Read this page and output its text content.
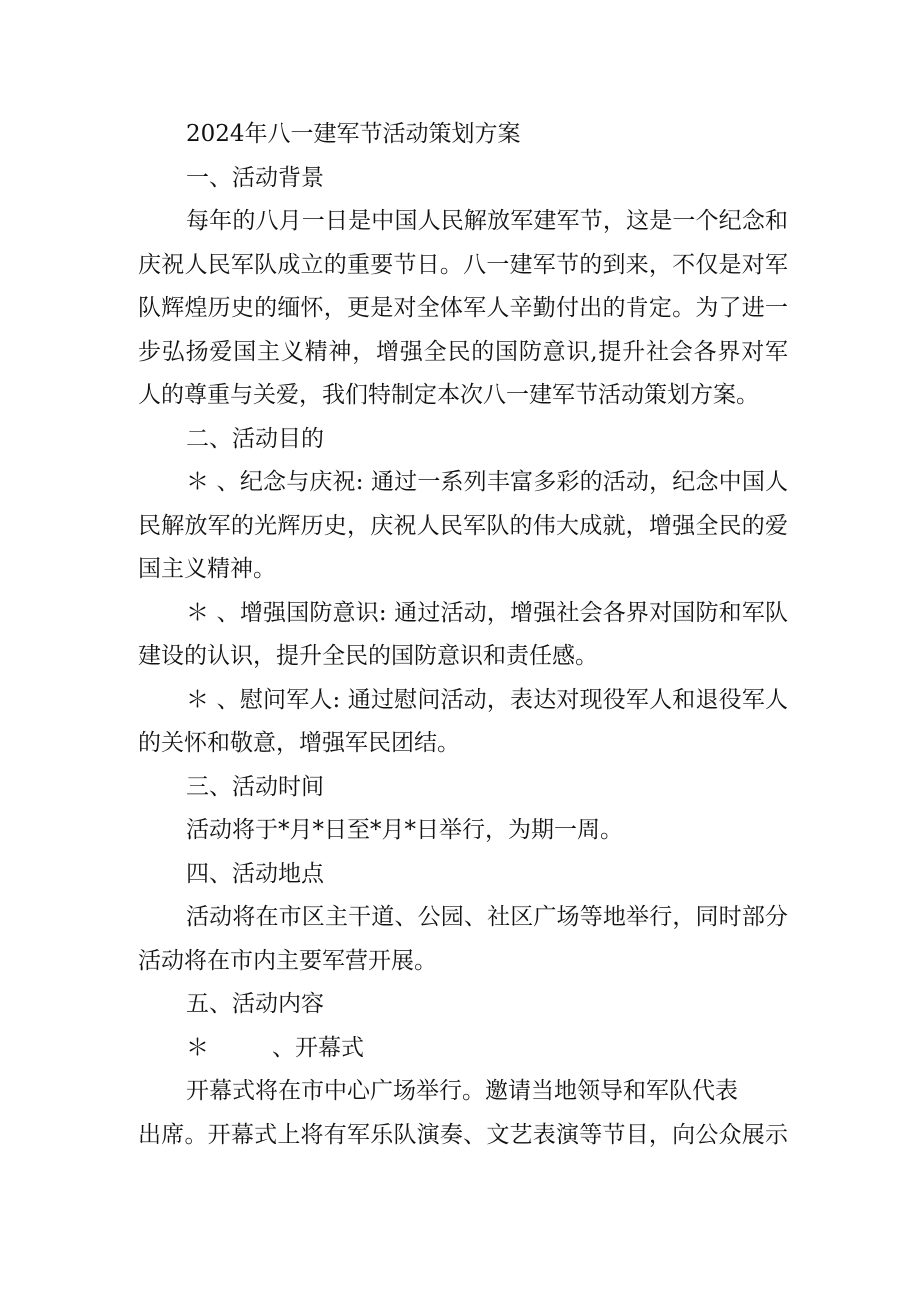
2024年八一建军节活动策划方案
一、活动背景
每年的八月一日是中国人民解放军建军节，这是一个纪念和
庆祝人民军队成立的重要节日。八一建军节的到来，不仅是对军
队辉煌历史的缅怀，更是对全体军人辛勤付出的肯定。为了进一
步弘扬爱国主义精神，增强全民的国防意识,提升社会各界对军
人的尊重与关爱，我们特制定本次八一建军节活动策划方案。
二、活动目的
＊ 、纪念与庆祝: 通过一系列丰富多彩的活动，纪念中国人
民解放军的光辉历史，庆祝人民军队的伟大成就，增强全民的爱
国主义精神。
＊ 、增强国防意识: 通过活动，增强社会各界对国防和军队
建设的认识，提升全民的国防意识和责任感。
＊ 、慰问军人: 通过慰问活动，表达对现役军人和退役军人
的关怀和敬意，增强军民团结。
三、活动时间
活动将于*月*日至*月*日举行，为期一周。
四、活动地点
活动将在市区主干道、公园、社区广场等地举行，同时部分
活动将在市内主要军营开展。
五、活动内容
＊	、开幕式
开幕式将在市中心广场举行。邀请当地领导和军队代表
出席。开幕式上将有军乐队演奏、文艺表演等节目，向公众展示
